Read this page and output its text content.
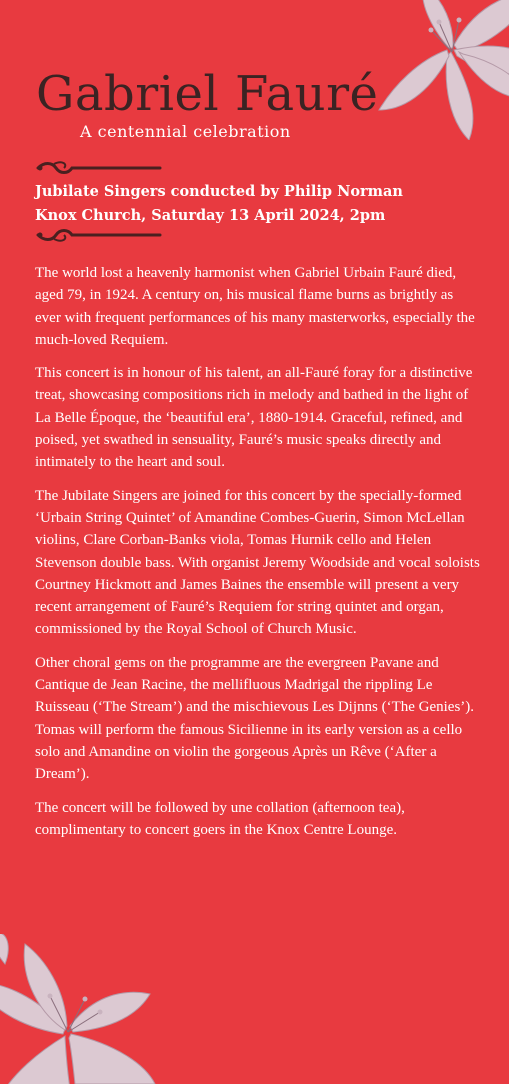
Gabriel Fauré
A centennial celebration
Jubilate Singers conducted by Philip Norman
Knox Church, Saturday 13 April 2024, 2pm

The world lost a heavenly harmonist when Gabriel Urbain Fauré died, aged 79, in 1924. A century on, his musical flame burns as brightly as ever with frequent performances of his many masterworks, especially the much-loved Requiem.

This concert is in honour of his talent, an all-Fauré foray for a distinctive treat, showcasing compositions rich in melody and bathed in the light of La Belle Époque, the ‘beautiful era’, 1880-1914. Graceful, refined, and poised, yet swathed in sensuality, Fauré’s music speaks directly and intimately to the heart and soul.

The Jubilate Singers are joined for this concert by the specially-formed ‘Urbain String Quintet’ of Amandine Combes-Guerin, Simon McLellan violins, Clare Corban-Banks viola, Tomas Hurnik cello and Helen Stevenson double bass. With organist Jeremy Woodside and vocal soloists Courtney Hickmott and James Baines the ensemble will present a very recent arrangement of Fauré’s Requiem for string quintet and organ, commissioned by the Royal School of Church Music.

Other choral gems on the programme are the evergreen Pavane and Cantique de Jean Racine, the mellifluous Madrigal the rippling Le Ruisseau (‘The Stream’) and the mischievous Les Dijnns (‘The Genies’). Tomas will perform the famous Sicilienne in its early version as a cello solo and Amandine on violin the gorgeous Après un Rêve (‘After a Dream’).

The concert will be followed by une collation (afternoon tea), complimentary to concert goers in the Knox Centre Lounge.
